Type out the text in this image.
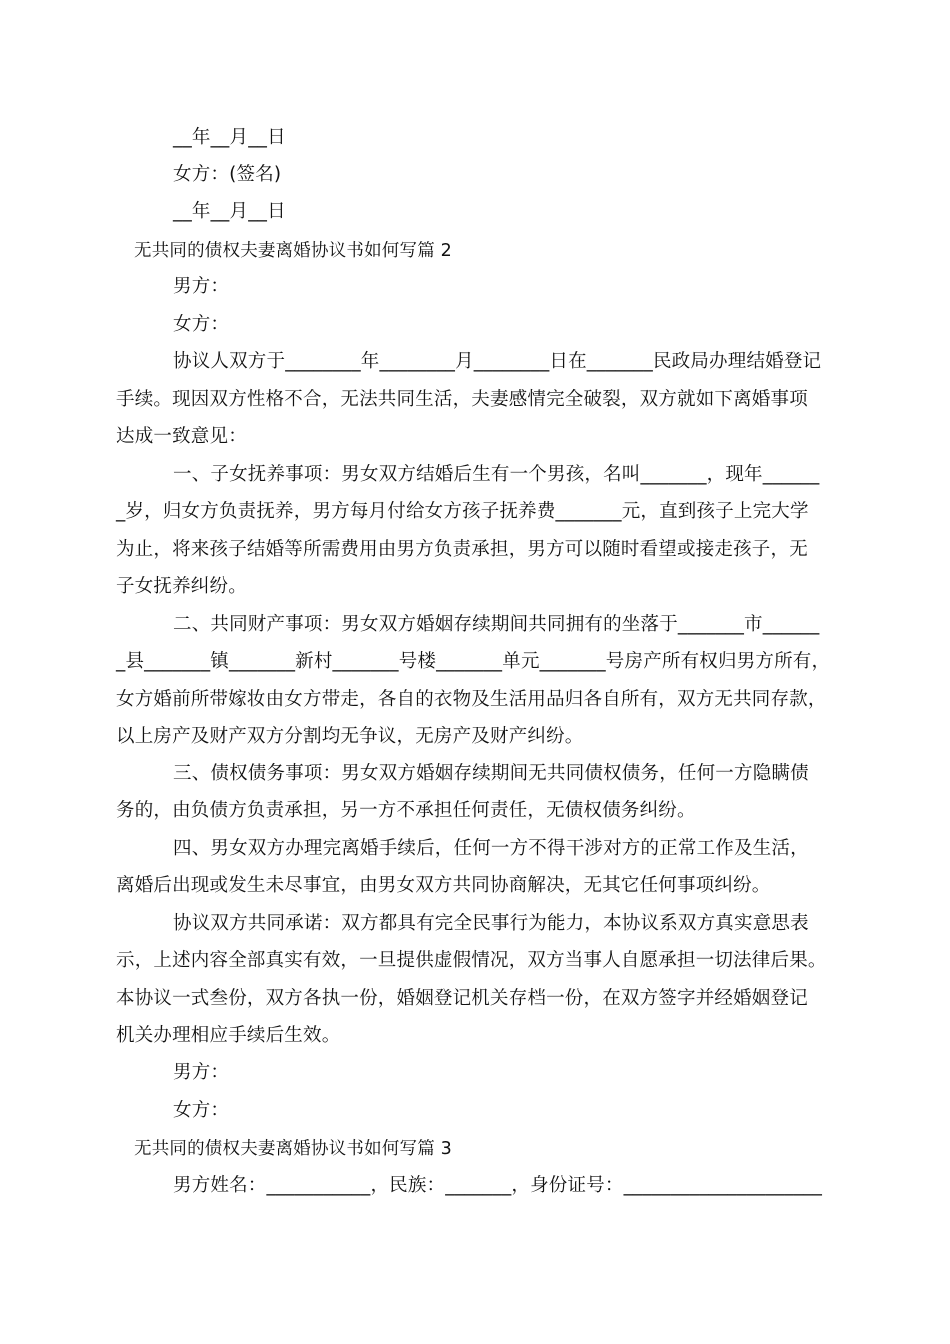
__年__月__日
女方：(签名)
__年__月__日
无共同的债权夫妻离婚协议书如何写篇 2
男方：
女方：
协议人双方于________年________月________日在_______民政局办理结婚登记
手续。现因双方性格不合，无法共同生活，夫妻感情完全破裂，双方就如下离婚事项
达成一致意见：
一、子女抚养事项：男女双方结婚后生有一个男孩，名叫_______，现年______
_岁，归女方负责抚养，男方每月付给女方孩子抚养费_______元，直到孩子上完大学
为止，将来孩子结婚等所需费用由男方负责承担，男方可以随时看望或接走孩子，无
子女抚养纠纷。
二、共同财产事项：男女双方婚姻存续期间共同拥有的坐落于_______市______
_县_______镇_______新村_______号楼_______单元_______号房产所有权归男方所有，
女方婚前所带嫁妆由女方带走，各自的衣物及生活用品归各自所有，双方无共同存款，
以上房产及财产双方分割均无争议，无房产及财产纠纷。
三、债权债务事项：男女双方婚姻存续期间无共同债权债务，任何一方隐瞒债
务的，由负债方负责承担，另一方不承担任何责任，无债权债务纠纷。
四、男女双方办理完离婚手续后，任何一方不得干涉对方的正常工作及生活，
离婚后出现或发生未尽事宜，由男女双方共同协商解决，无其它任何事项纠纷。
协议双方共同承诺：双方都具有完全民事行为能力，本协议系双方真实意思表
示，上述内容全部真实有效，一旦提供虚假情况，双方当事人自愿承担一切法律后果。
本协议一式叁份，双方各执一份，婚姻登记机关存档一份，在双方签字并经婚姻登记
机关办理相应手续后生效。
男方：
女方：
无共同的债权夫妻离婚协议书如何写篇 3
男方姓名：___________，民族：_______，身份证号：_____________________
